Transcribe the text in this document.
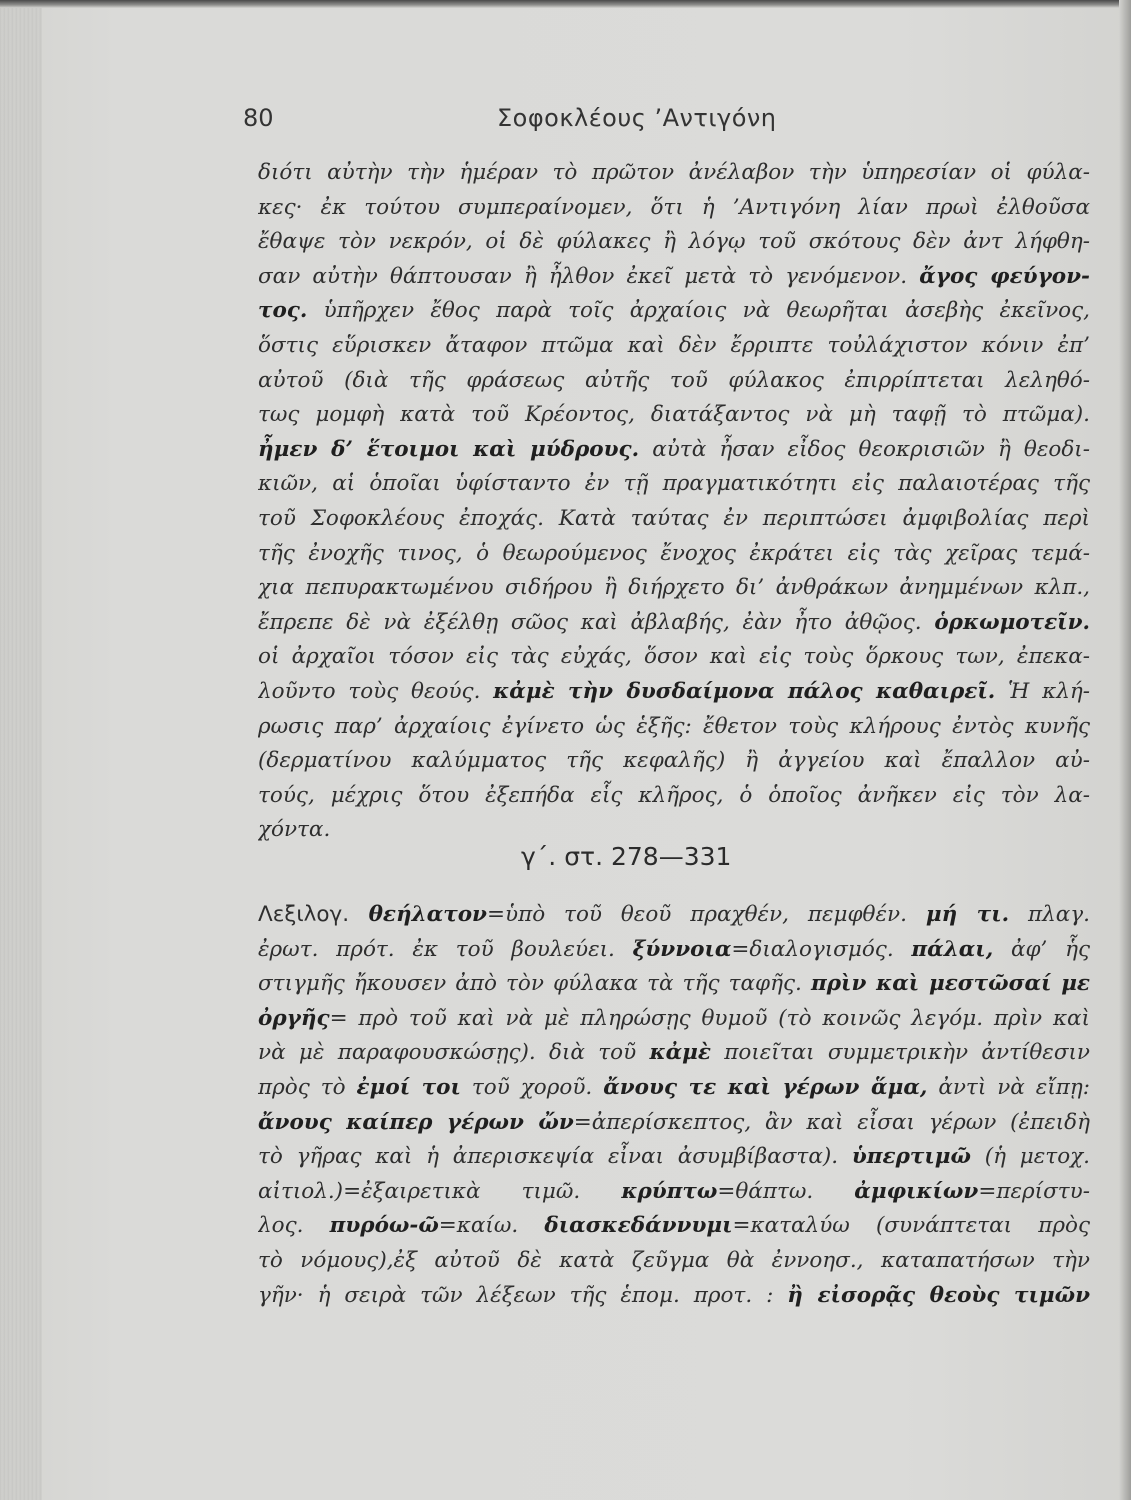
80	Σοφοκλέους ’Αντιγόνη
διότι αὐτὴν τὴν ἡμέραν τὸ πρῶτον ἀνέλαβον τὴν ὑπηρεσίαν οἱ φύλα-
κες· ἐκ τούτου συμπεραίνομεν, ὅτι ἡ ’Αντιγόνη λίαν πρωὶ ἐλθοῦσα
ἔθαψε τὸν νεκρόν, οἱ δὲ φύλακες ἢ λόγῳ τοῦ σκότους δὲν ἀντ λήφθη-
σαν αὐτὴν θάπτουσαν ἢ ἦλθον ἐκεῖ μετὰ τὸ γενόμενον. ἄγος φεύγον-
τος. ὑπῆρχεν ἔθος παρὰ τοῖς ἀρχαίοις νὰ θεωρῆται ἀσεβὴς ἐκεῖνος,
ὅστις εὕρισκεν ἄταφον πτῶμα καὶ δὲν ἔρριπτε τοὐλάχιστον κόνιν ἐπ’
αὐτοῦ (διὰ τῆς φράσεως αὐτῆς τοῦ φύλακος ἐπιρρίπτεται λεληθό-
τως μομφὴ κατὰ τοῦ Κρέοντος, διατάξαντος νὰ μὴ ταφῇ τὸ πτῶμα).
ἦμεν δ’ ἕτοιμοι καὶ μύδρους. αὐτὰ ἦσαν εἶδος θεοκρισιῶν ἢ θεοδι-
κιῶν, αἱ ὁποῖαι ὑφίσταντο ἐν τῇ πραγματικότητι εἰς παλαιοτέρας τῆς
τοῦ Σοφοκλέους ἐποχάς. Κατὰ ταύτας ἐν περιπτώσει ἀμφιβολίας περὶ
τῆς ἐνοχῆς τινος, ὁ θεωρούμενος ἔνοχος ἐκράτει εἰς τὰς χεῖρας τεμά-
χια πεπυρακτωμένου σιδήρου ἢ διήρχετο δι’ ἀνθράκων ἀνημμένων κλπ.,
ἔπρεπε δὲ νὰ ἐξέλθῃ σῶος καὶ ἀβλαβής, ἐὰν ἦτο ἀθῷος. ὁρκωμοτεῖν.
οἱ ἀρχαῖοι τόσον εἰς τὰς εὐχάς, ὅσον καὶ εἰς τοὺς ὅρκους των, ἐπεκα-
λοῦντο τοὺς θεούς. κἀμὲ τὴν δυσδαίμονα πάλος καθαιρεῖ. Ἡ κλή-
ρωσις παρ’ ἀρχαίοις ἐγίνετο ὡς ἑξῆς: ἔθετον τοὺς κλήρους ἐντὸς κυνῆς
(δερματίνου καλύμματος τῆς κεφαλῆς) ἢ ἀγγείου καὶ ἔπαλλον αὐ-
τούς, μέχρις ὅτου ἐξεπήδα εἷς κλῆρος, ὁ ὁποῖος ἀνῆκεν εἰς τὸν λα-
χόντα.
γ΄. στ. 278—331
Λεξιλογ. θεήλατον=ὑπὸ τοῦ θεοῦ πραχθέν, πεμφθέν. μή τι. πλαγ.
ἐρωτ. πρότ. ἐκ τοῦ βουλεύει. ξύννοια=διαλογισμός. πάλαι, ἀφ’ ἧς
στιγμῆς ἤκουσεν ἀπὸ τὸν φύλακα τὰ τῆς ταφῆς. πρὶν καὶ μεστῶσαί με
ὀργῆς= πρὸ τοῦ καὶ νὰ μὲ πληρώσῃς θυμοῦ (τὸ κοινῶς λεγόμ. πρὶν καὶ
νὰ μὲ παραφουσκώσῃς). διὰ τοῦ κἀμὲ ποιεῖται συμμετρικὴν ἀντίθεσιν
πρὸς τὸ ἐμοί τοι τοῦ χοροῦ. ἄνους τε καὶ γέρων ἅμα, ἀντὶ νὰ εἴπῃ:
ἄνους καίπερ γέρων ὤν=ἀπερίσκεπτος, ἂν καὶ εἶσαι γέρων (ἐπειδὴ
τὸ γῆρας καὶ ἡ ἀπερισκεψία εἶναι ἀσυμβίβαστα). ὑπερτιμῶ (ἡ μετοχ.
αἰτιολ.)=ἐξαιρετικὰ τιμῶ. κρύπτω=θάπτω. ἀμφικίων=περίστυ-
λος. πυρόω-ῶ=καίω. διασκεδάννυμι=καταλύω (συνάπτεται πρὸς
τὸ νόμους),ἐξ αὐτοῦ δὲ κατὰ ζεῦγμα θὰ ἐννοησ., καταπατήσων τὴν
γῆν· ἡ σειρὰ τῶν λέξεων τῆς ἑπομ. προτ. : ἢ εἰσορᾷς θεοὺς τιμῶν
